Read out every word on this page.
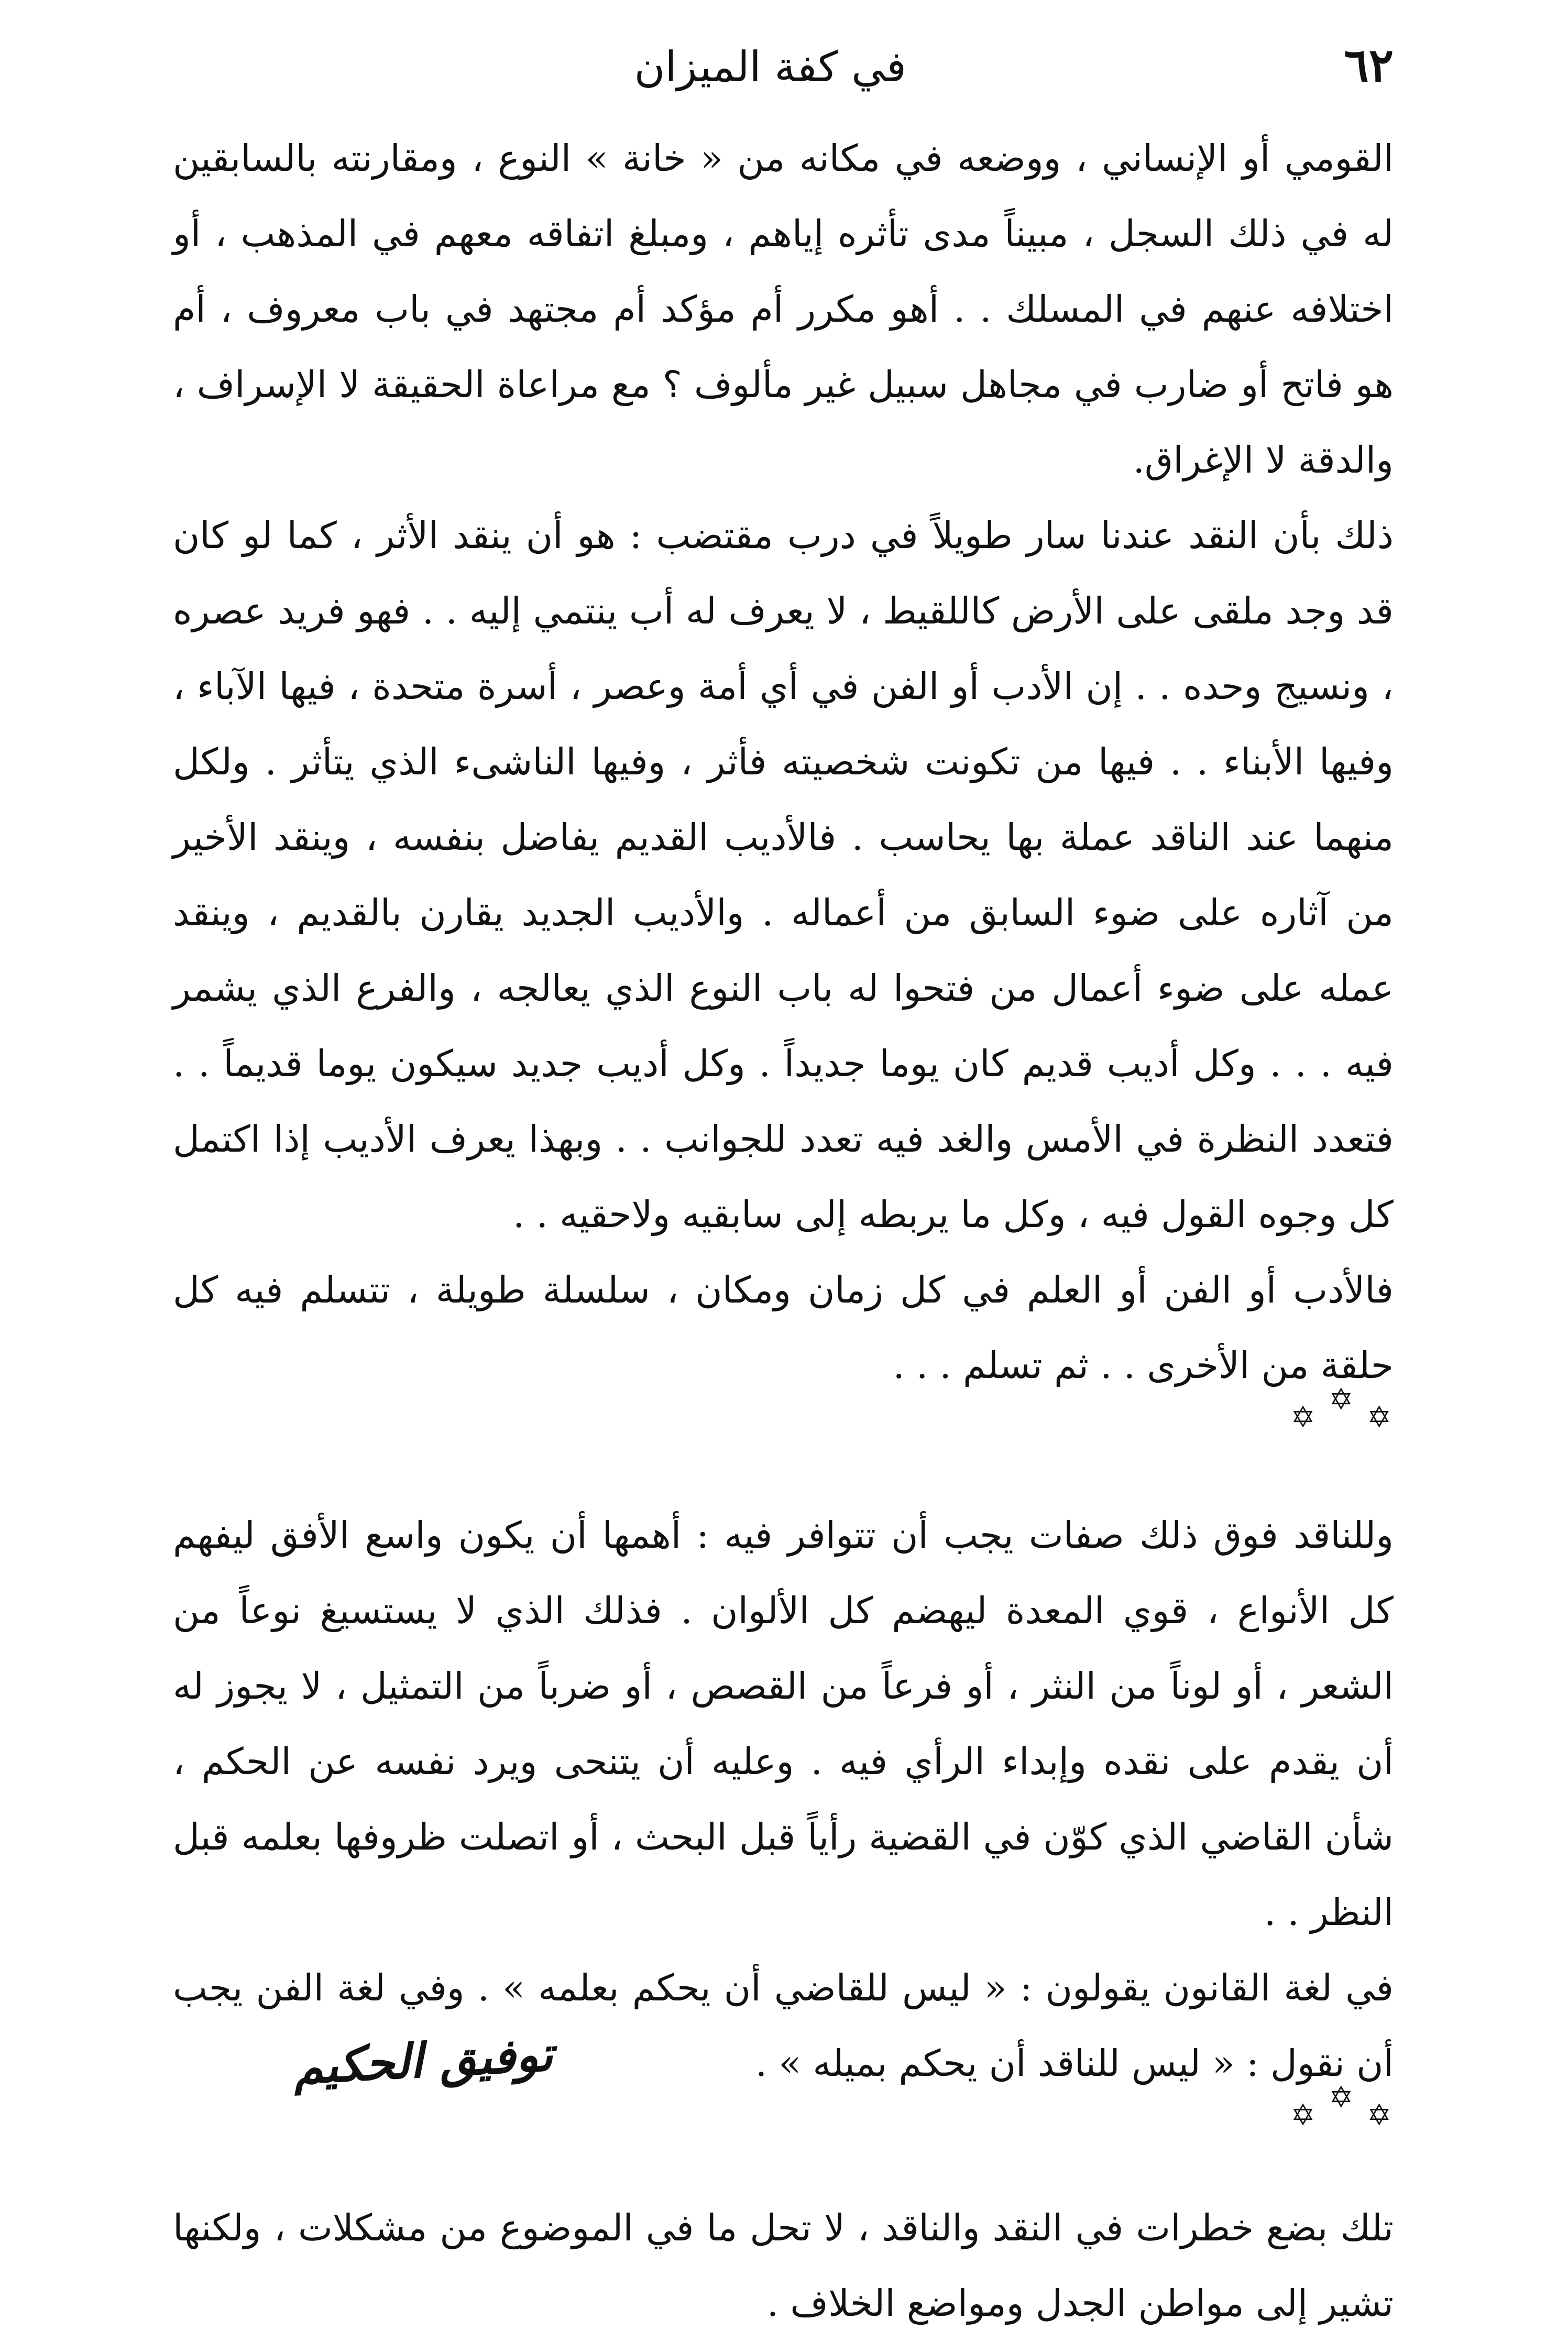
٦٢
في كفة الميزان

القومي أو الإنساني ، ووضعه في مكانه من « خانة » النوع ، ومقارنته بالسابقين له في ذلك السجل ، مبيناً مدى تأثره إياهم ، ومبلغ اتفاقه معهم في المذهب ، أو اختلافه عنهم في المسلك . . أهو مكرر أم مؤكد أم مجتهد في باب معروف ، أم هو فاتح أو ضارب في مجاهل سبيل غير مألوف ؟ مع مراعاة الحقيقة لا الإسراف ، والدقة لا الإغراق.

ذلك بأن النقد عندنا سار طويلاً في درب مقتضب : هو أن ينقد الأثر ، كما لو كان قد وجد ملقى على الأرض كاللقيط ، لا يعرف له أب ينتمي إليه . . فهو فريد عصره ، ونسيج وحده . . إن الأدب أو الفن في أي أمة وعصر ، أسرة متحدة ، فيها الآباء ، وفيها الأبناء . . فيها من تكونت شخصيته فأثر ، وفيها الناشىء الذي يتأثر . ولكل منهما عند الناقد عملة بها يحاسب . فالأديب القديم يفاضل بنفسه ، وينقد الأخير من آثاره على ضوء السابق من أعماله . والأديب الجديد يقارن بالقديم ، وينقد عمله على ضوء أعمال من فتحوا له باب النوع الذي يعالجه ، والفرع الذي يشمر فيه . . . وكل أديب قديم كان يوما جديداً . وكل أديب جديد سيكون يوما قديماً . . فتعدد النظرة في الأمس والغد فيه تعدد للجوانب . . وبهذا يعرف الأديب إذا اكتمل كل وجوه القول فيه ، وكل ما يربطه إلى سابقيه ولاحقيه . .

فالأدب أو الفن أو العلم في كل زمان ومكان ، سلسلة طويلة ، تتسلم فيه كل حلقة من الأخرى . . ثم تسلم . . .

✡ ✡ ✡

وللناقد فوق ذلك صفات يجب أن تتوافر فيه : أهمها أن يكون واسع الأفق ليفهم كل الأنواع ، قوي المعدة ليهضم كل الألوان . فذلك الذي لا يستسيغ نوعاً من الشعر ، أو لوناً من النثر ، أو فرعاً من القصص ، أو ضرباً من التمثيل ، لا يجوز له أن يقدم على نقده وإبداء الرأي فيه . وعليه أن يتنحى ويرد نفسه عن الحكم ، شأن القاضي الذي كوّن في القضية رأياً قبل البحث ، أو اتصلت ظروفها بعلمه قبل النظر . .

في لغة القانون يقولون : « ليس للقاضي أن يحكم بعلمه » . وفي لغة الفن يجب أن نقول : « ليس للناقد أن يحكم بميله » .

✡ ✡ ✡

تلك بضع خطرات في النقد والناقد ، لا تحل ما في الموضوع من مشكلات ، ولكنها تشير إلى مواطن الجدل ومواضع الخلاف .

توفيق الحكيم
